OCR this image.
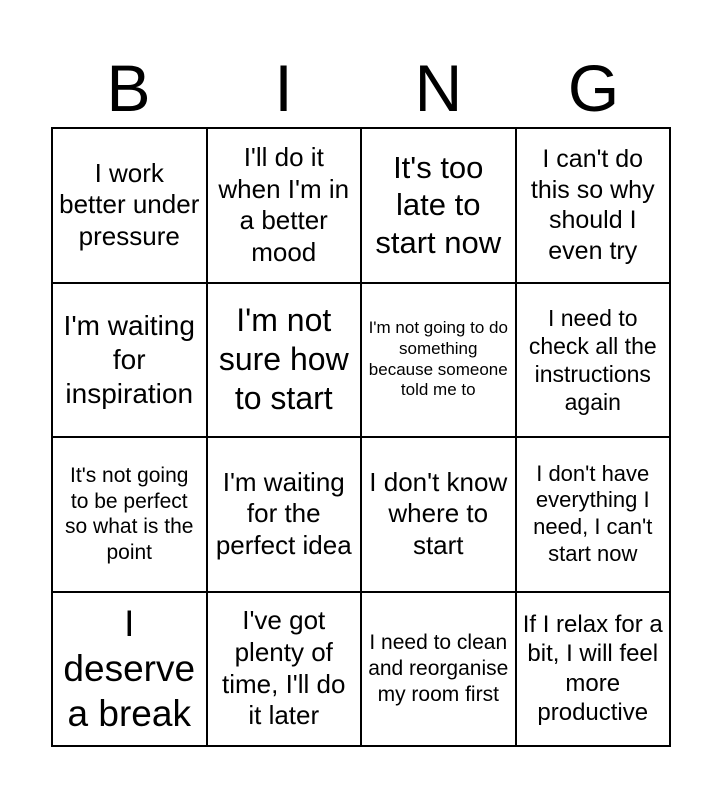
B	I	N	G
I work better under pressure	I'll do it when I'm in a better mood	It's too late to start now	I can't do this so why should I even try
I'm waiting for inspiration	I'm not sure how to start	I'm not going to do something because someone told me to	I need to check all the instructions again
It's not going to be perfect so what is the point	I'm waiting for the perfect idea	I don't know where to start	I don't have everything I need, I can't start now
I deserve a break	I've got plenty of time, I'll do it later	I need to clean and reorganise my room first	If I relax for a bit, I will feel more productive
